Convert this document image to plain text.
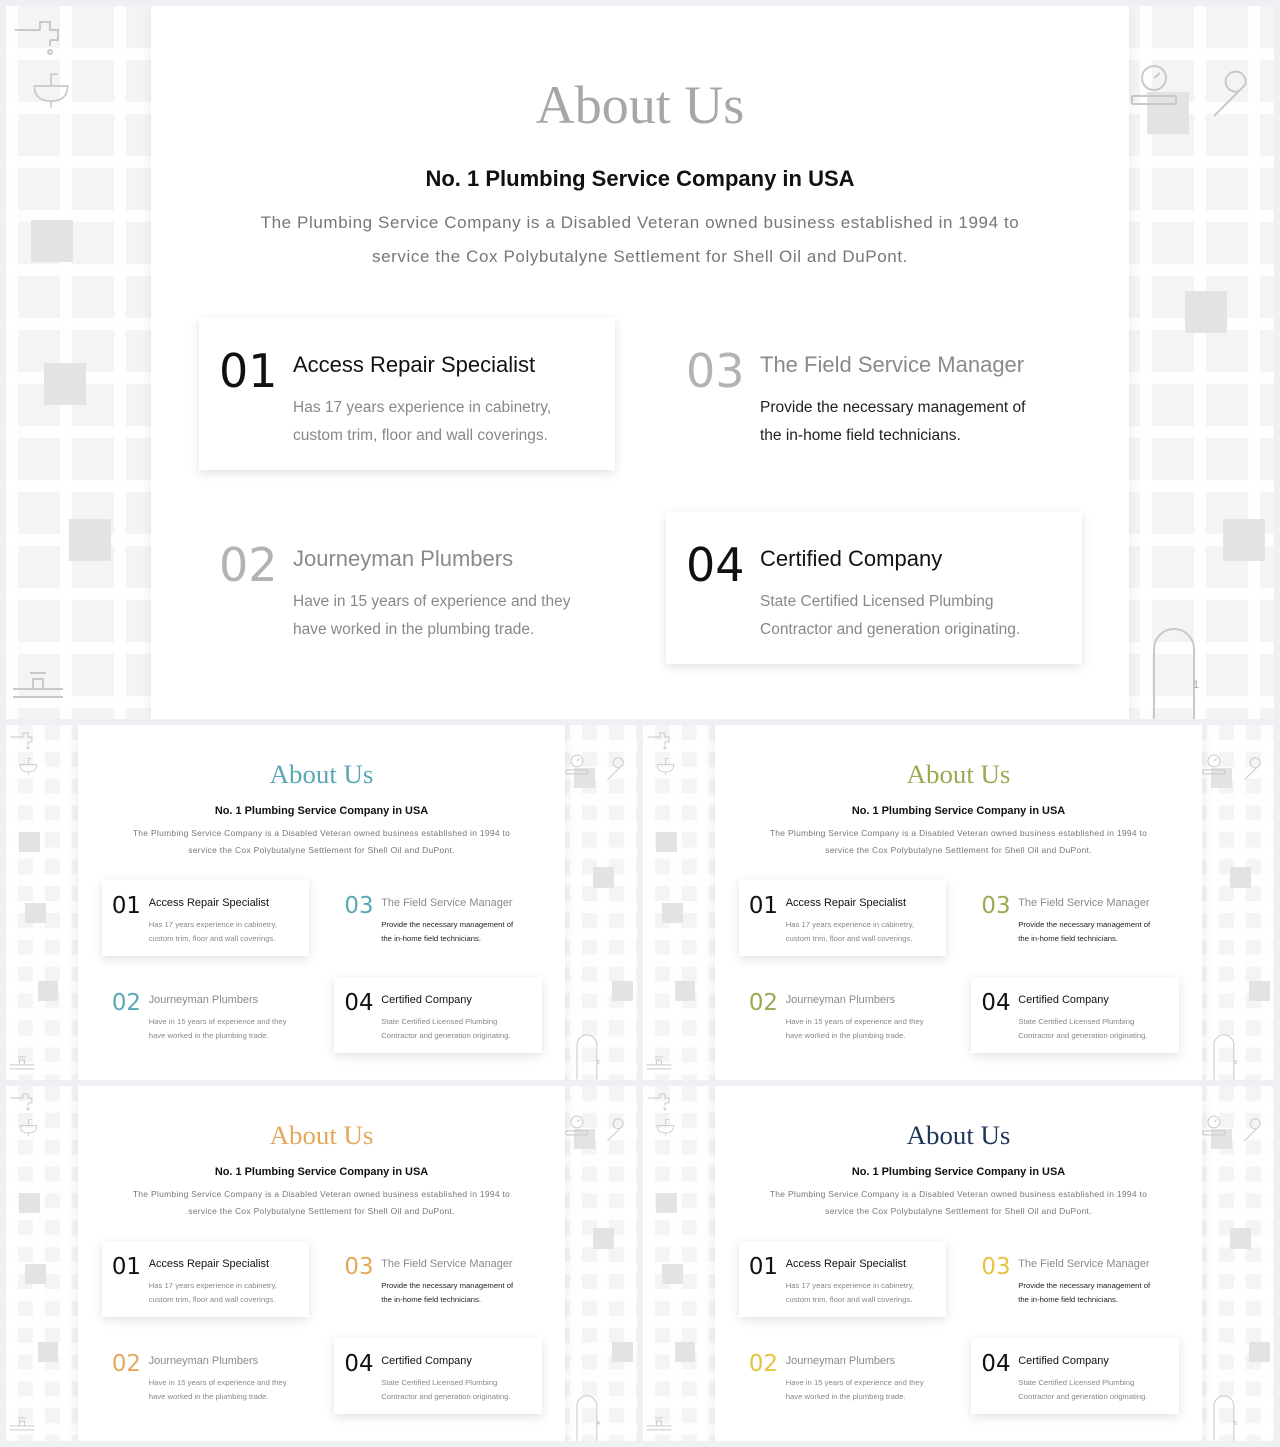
About Us
No. 1 Plumbing Service Company in USA
The Plumbing Service Company is a Disabled Veteran owned business established in 1994 to
service the Cox Polybutalyne Settlement for Shell Oil and DuPont.
01 Access Repair Specialist
Has 17 years experience in cabinetry,
custom trim, floor and wall coverings.
03 The Field Service Manager
Provide the necessary management of
the in-home field technicians.
02 Journeyman Plumbers
Have in 15 years of experience and they
have worked in the plumbing trade.
04 Certified Company
State Certified Licensed Plumbing
Contractor and generation originating.
1
About Us
No. 1 Plumbing Service Company in USA
The Plumbing Service Company is a Disabled Veteran owned business established in 1994 to
service the Cox Polybutalyne Settlement for Shell Oil and DuPont.
01 Access Repair Specialist
Has 17 years experience in cabinetry,
custom trim, floor and wall coverings.
03 The Field Service Manager
Provide the necessary management of
the in-home field technicians.
02 Journeyman Plumbers
Have in 15 years of experience and they
have worked in the plumbing trade.
04 Certified Company
State Certified Licensed Plumbing
Contractor and generation originating.
2
About Us
No. 1 Plumbing Service Company in USA
The Plumbing Service Company is a Disabled Veteran owned business established in 1994 to
service the Cox Polybutalyne Settlement for Shell Oil and DuPont.
01 Access Repair Specialist
Has 17 years experience in cabinetry,
custom trim, floor and wall coverings.
03 The Field Service Manager
Provide the necessary management of
the in-home field technicians.
02 Journeyman Plumbers
Have in 15 years of experience and they
have worked in the plumbing trade.
04 Certified Company
State Certified Licensed Plumbing
Contractor and generation originating.
3
About Us
No. 1 Plumbing Service Company in USA
The Plumbing Service Company is a Disabled Veteran owned business established in 1994 to
service the Cox Polybutalyne Settlement for Shell Oil and DuPont.
01 Access Repair Specialist
Has 17 years experience in cabinetry,
custom trim, floor and wall coverings.
03 The Field Service Manager
Provide the necessary management of
the in-home field technicians.
02 Journeyman Plumbers
Have in 15 years of experience and they
have worked in the plumbing trade.
04 Certified Company
State Certified Licensed Plumbing
Contractor and generation originating.
4
About Us
No. 1 Plumbing Service Company in USA
The Plumbing Service Company is a Disabled Veteran owned business established in 1994 to
service the Cox Polybutalyne Settlement for Shell Oil and DuPont.
01 Access Repair Specialist
Has 17 years experience in cabinetry,
custom trim, floor and wall coverings.
03 The Field Service Manager
Provide the necessary management of
the in-home field technicians.
02 Journeyman Plumbers
Have in 15 years of experience and they
have worked in the plumbing trade.
04 Certified Company
State Certified Licensed Plumbing
Contractor and generation originating.
5
